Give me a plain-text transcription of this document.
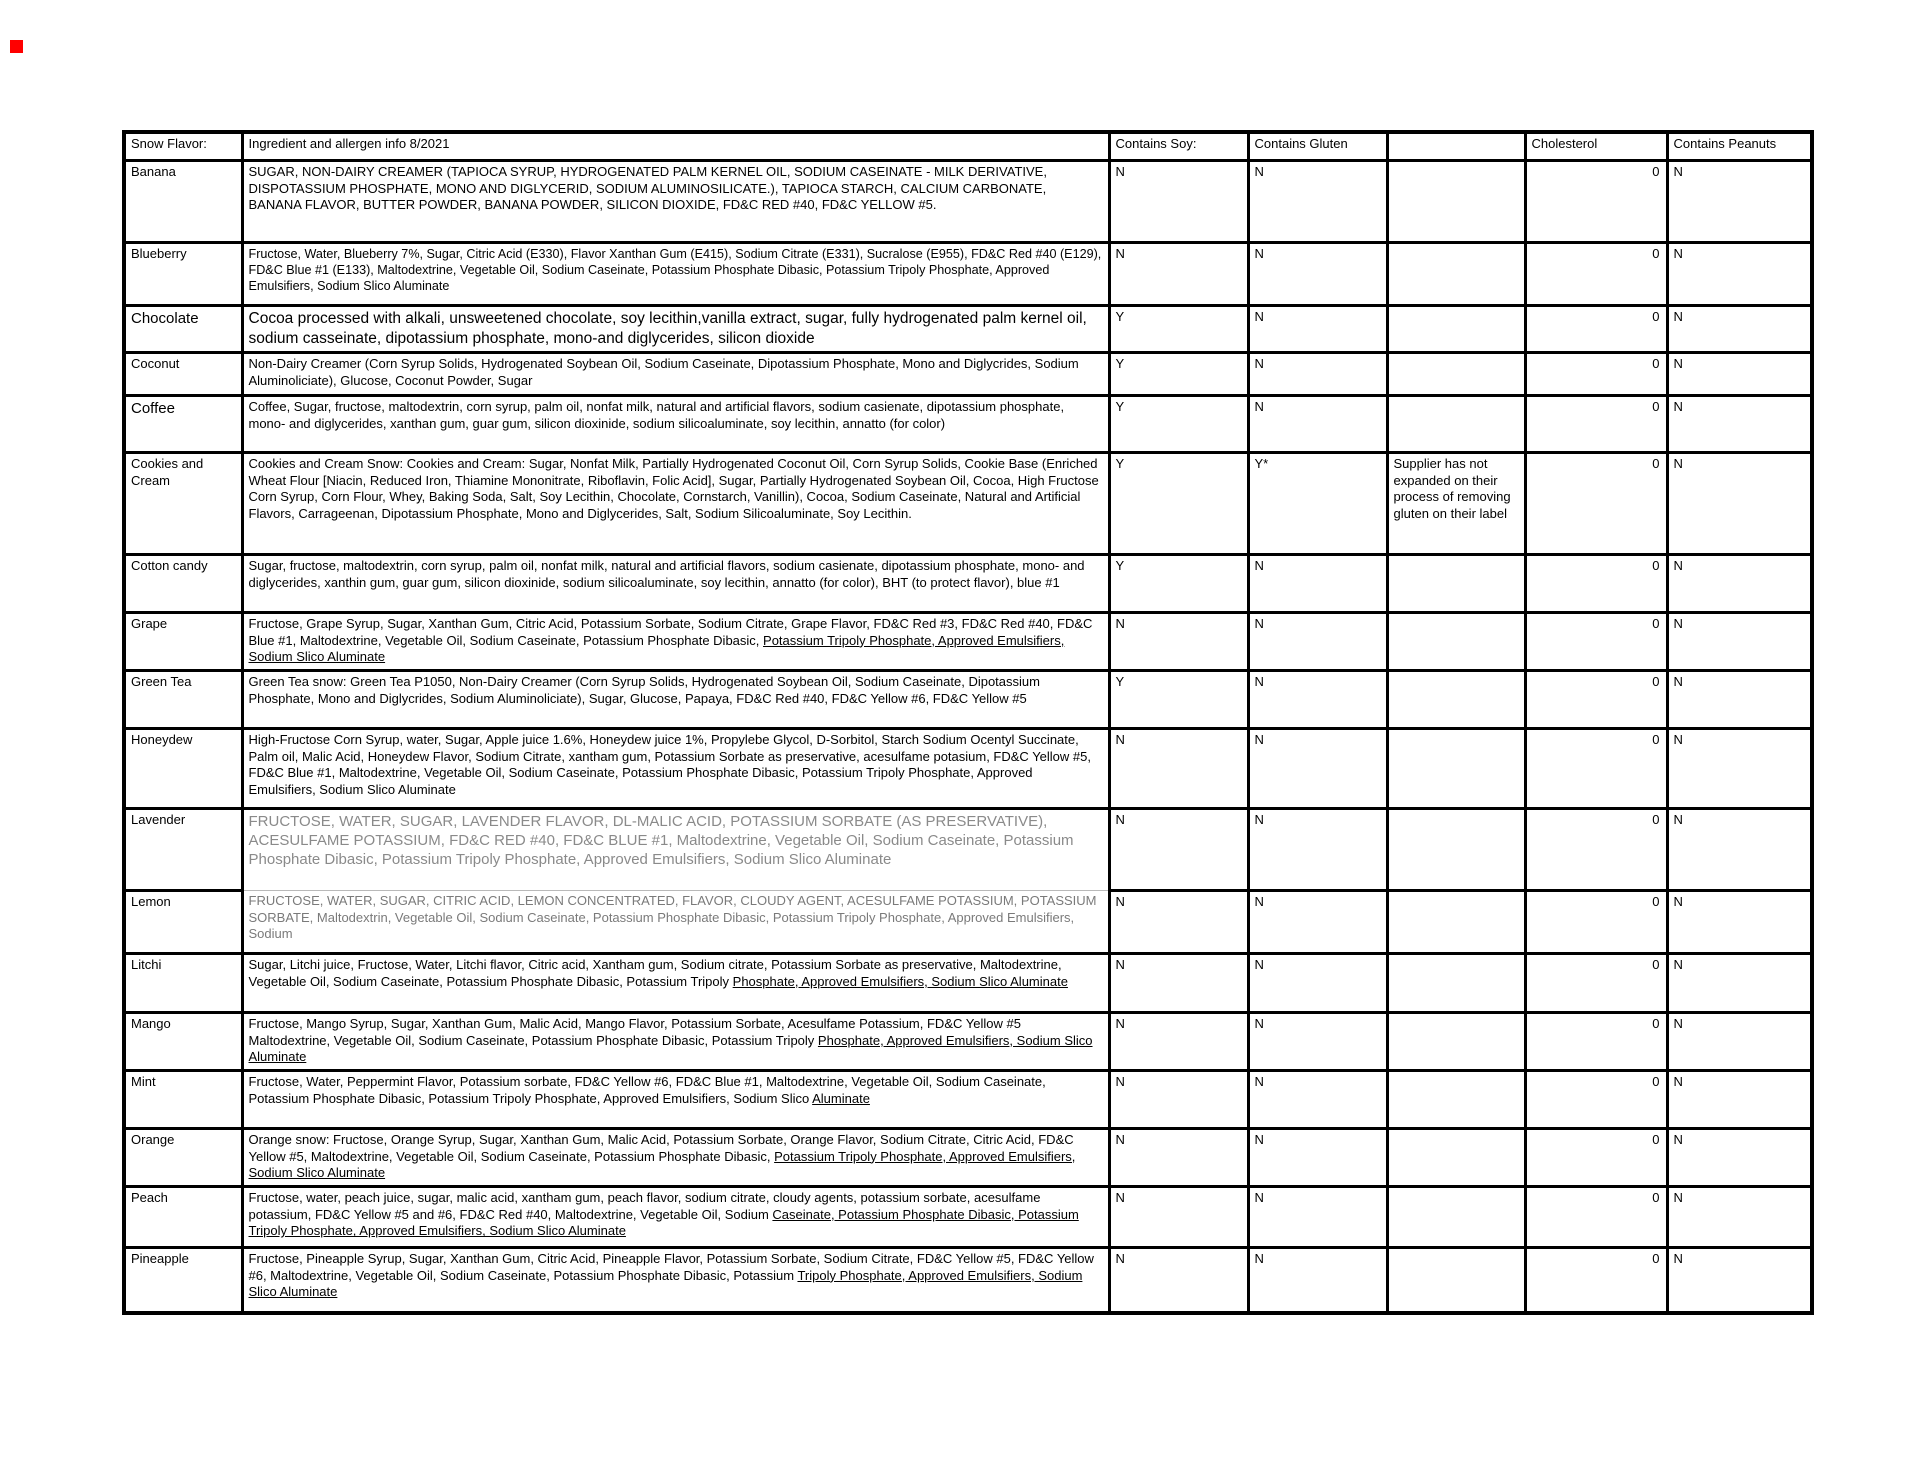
Snow Flavor:	Ingredient and allergen info 8/2021	Contains Soy:	Contains Gluten		Cholesterol	Contains Peanuts
Banana	SUGAR, NON-DAIRY CREAMER (TAPIOCA SYRUP, HYDROGENATED PALM KERNEL OIL, SODIUM CASEINATE - MILK DERIVATIVE, DISPOTASSIUM PHOSPHATE, MONO AND DIGLYCERID, SODIUM ALUMINOSILICATE.), TAPIOCA STARCH, CALCIUM CARBONATE, BANANA FLAVOR, BUTTER POWDER, BANANA POWDER, SILICON DIOXIDE, FD&C RED #40, FD&C YELLOW #5.	N	N		0	N
Blueberry	Fructose, Water, Blueberry 7%, Sugar, Citric Acid (E330), Flavor Xanthan Gum (E415), Sodium Citrate (E331), Sucralose (E955), FD&C Red #40 (E129), FD&C Blue #1 (E133), Maltodextrine, Vegetable Oil, Sodium Caseinate, Potassium Phosphate Dibasic, Potassium Tripoly Phosphate, Approved Emulsifiers, Sodium Slico Aluminate	N	N		0	N
Chocolate	Cocoa processed with alkali, unsweetened chocolate, soy lecithin,vanilla extract, sugar, fully hydrogenated palm kernel oil, sodium casseinate, dipotassium phosphate, mono-and diglycerides, silicon dioxide	Y	N		0	N
Coconut	Non-Dairy Creamer (Corn Syrup Solids, Hydrogenated Soybean Oil, Sodium Caseinate, Dipotassium Phosphate, Mono and Diglycrides, Sodium Aluminoliciate), Glucose, Coconut Powder, Sugar	Y	N		0	N
Coffee	Coffee, Sugar, fructose, maltodextrin, corn syrup, palm oil, nonfat milk, natural and artificial flavors, sodium casienate, dipotassium phosphate, mono- and diglycerides, xanthan gum, guar gum, silicon dioxinide, sodium silicoaluminate, soy lecithin, annatto (for color)	Y	N		0	N
Cookies and Cream	Cookies and Cream Snow: Cookies and Cream: Sugar, Nonfat Milk, Partially Hydrogenated Coconut Oil, Corn Syrup Solids, Cookie Base (Enriched Wheat Flour [Niacin, Reduced Iron, Thiamine Mononitrate, Riboflavin, Folic Acid], Sugar, Partially Hydrogenated Soybean Oil, Cocoa, High Fructose Corn Syrup, Corn Flour, Whey, Baking Soda, Salt, Soy Lecithin, Chocolate, Cornstarch, Vanillin), Cocoa, Sodium Caseinate, Natural and Artificial Flavors, Carrageenan, Dipotassium Phosphate, Mono and Diglycerides, Salt, Sodium Silicoaluminate, Soy Lecithin.	Y	Y*	Supplier has not expanded on their process of removing gluten on their label	0	N
Cotton candy	Sugar, fructose, maltodextrin, corn syrup, palm oil, nonfat milk, natural and artificial flavors, sodium casienate, dipotassium phosphate, mono- and diglycerides, xanthin gum, guar gum, silicon dioxinide, sodium silicoaluminate, soy lecithin, annatto (for color), BHT (to protect flavor), blue #1	Y	N		0	N
Grape	Fructose, Grape Syrup, Sugar, Xanthan Gum, Citric Acid, Potassium Sorbate, Sodium Citrate, Grape Flavor, FD&C Red #3, FD&C Red #40, FD&C Blue #1, Maltodextrine, Vegetable Oil, Sodium Caseinate, Potassium Phosphate Dibasic, Potassium Tripoly Phosphate, Approved Emulsifiers, Sodium Slico Aluminate	N	N		0	N
Green Tea	Green Tea snow: Green Tea P1050, Non-Dairy Creamer (Corn Syrup Solids, Hydrogenated Soybean Oil, Sodium Caseinate, Dipotassium Phosphate, Mono and Diglycrides, Sodium Aluminoliciate), Sugar, Glucose, Papaya, FD&C Red #40, FD&C Yellow #6, FD&C Yellow #5	Y	N		0	N
Honeydew	High-Fructose Corn Syrup, water, Sugar, Apple juice 1.6%, Honeydew juice 1%, Propylebe Glycol, D-Sorbitol, Starch Sodium Ocentyl Succinate, Palm oil, Malic Acid, Honeydew Flavor, Sodium Citrate, xantham gum, Potassium Sorbate as preservative, acesulfame potasium, FD&C Yellow #5, FD&C Blue #1, Maltodextrine, Vegetable Oil, Sodium Caseinate, Potassium Phosphate Dibasic, Potassium Tripoly Phosphate, Approved Emulsifiers, Sodium Slico Aluminate	N	N		0	N
Lavender	FRUCTOSE, WATER, SUGAR, LAVENDER FLAVOR, DL-MALIC ACID, POTASSIUM SORBATE (AS PRESERVATIVE), ACESULFAME POTASSIUM, FD&C RED #40, FD&C BLUE #1, Maltodextrine, Vegetable Oil, Sodium Caseinate, Potassium Phosphate Dibasic, Potassium Tripoly Phosphate, Approved Emulsifiers, Sodium Slico Aluminate	N	N		0	N
Lemon	FRUCTOSE, WATER, SUGAR, CITRIC ACID, LEMON CONCENTRATED, FLAVOR, CLOUDY AGENT, ACESULFAME POTASSIUM, POTASSIUM SORBATE, Maltodextrin, Vegetable Oil, Sodium Caseinate, Potassium Phosphate Dibasic, Potassium Tripoly Phosphate, Approved Emulsifiers, Sodium	N	N		0	N
Litchi	Sugar, Litchi juice, Fructose, Water, Litchi flavor, Citric acid, Xantham gum, Sodium citrate, Potassium Sorbate as preservative, Maltodextrine, Vegetable Oil, Sodium Caseinate, Potassium Phosphate Dibasic, Potassium Tripoly Phosphate, Approved Emulsifiers, Sodium Slico Aluminate	N	N		0	N
Mango	Fructose, Mango Syrup, Sugar, Xanthan Gum, Malic Acid, Mango Flavor, Potassium Sorbate, Acesulfame Potassium, FD&C Yellow #5 Maltodextrine, Vegetable Oil, Sodium Caseinate, Potassium Phosphate Dibasic, Potassium Tripoly Phosphate, Approved Emulsifiers, Sodium Slico Aluminate	N	N		0	N
Mint	Fructose, Water, Peppermint Flavor, Potassium sorbate, FD&C Yellow #6, FD&C Blue #1, Maltodextrine, Vegetable Oil, Sodium Caseinate, Potassium Phosphate Dibasic, Potassium Tripoly Phosphate, Approved Emulsifiers, Sodium Slico Aluminate	N	N		0	N
Orange	Orange snow: Fructose, Orange Syrup, Sugar, Xanthan Gum, Malic Acid, Potassium Sorbate, Orange Flavor, Sodium Citrate, Citric Acid, FD&C Yellow #5, Maltodextrine, Vegetable Oil, Sodium Caseinate, Potassium Phosphate Dibasic, Potassium Tripoly Phosphate, Approved Emulsifiers, Sodium Slico Aluminate	N	N		0	N
Peach	Fructose, water, peach juice, sugar, malic acid, xantham gum, peach flavor, sodium citrate, cloudy agents, potassium sorbate, acesulfame potassium, FD&C Yellow #5 and #6, FD&C Red #40, Maltodextrine, Vegetable Oil, Sodium Caseinate, Potassium Phosphate Dibasic, Potassium Tripoly Phosphate, Approved Emulsifiers, Sodium Slico Aluminate	N	N		0	N
Pineapple	Fructose, Pineapple Syrup, Sugar, Xanthan Gum, Citric Acid, Pineapple Flavor, Potassium Sorbate, Sodium Citrate, FD&C Yellow #5, FD&C Yellow #6, Maltodextrine, Vegetable Oil, Sodium Caseinate, Potassium Phosphate Dibasic, Potassium Tripoly Phosphate, Approved Emulsifiers, Sodium Slico Aluminate	N	N		0	N
